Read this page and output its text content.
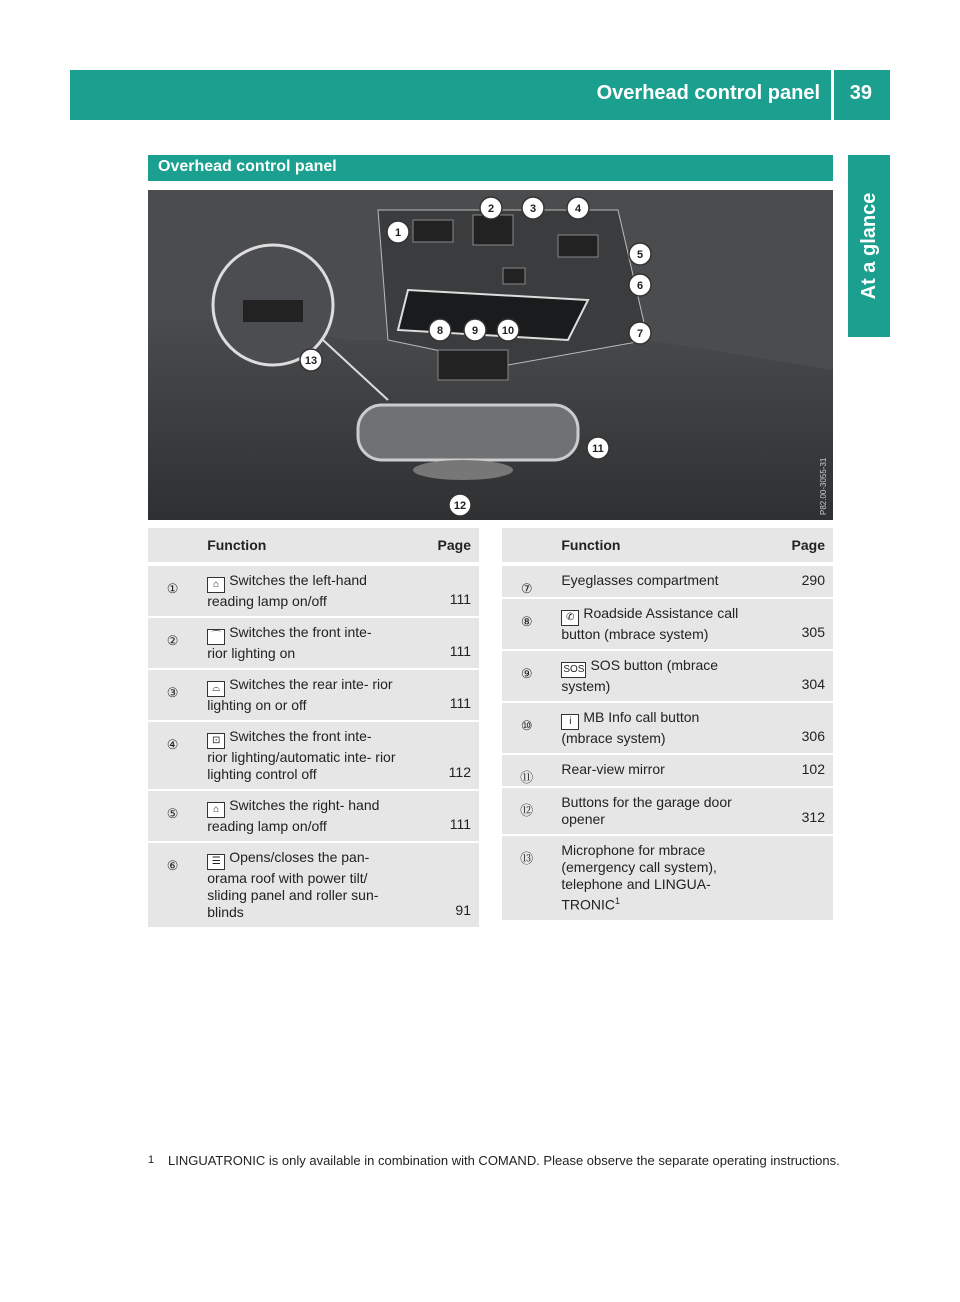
Overhead control panel 39
At a glance
Overhead control panel
1
2	3	4
5
6
7
8	9 10
11
12
13
P82.00-3055-31
	Function	Page
①	⌂ Switches the left-hand reading lamp on/off	111
②	⌒ Switches the front inte- rior lighting on	111
③	⌓ Switches the rear inte- rior lighting on or off	111
④	⊡ Switches the front inte- rior lighting/automatic inte- rior lighting control off	112
⑤	⌂ Switches the right- hand reading lamp on/off	111
⑥	☰ Opens/closes the pan- orama roof with power tilt/ sliding panel and roller sun- blinds	91
	Function	Page
⑦	Eyeglasses compartment	290
⑧	✆ Roadside Assistance call button (mbrace system)	305
⑨	SOS SOS button (mbrace system)	304
⑩	i MB Info call button (mbrace system)	306
⑪	Rear-view mirror	102
⑫	Buttons for the garage door opener	312
⑬	Microphone for mbrace (emergency call system), telephone and LINGUA- TRONIC$^1$	
1 LINGUATRONIC is only available in combination with COMAND. Please observe the separate operating instructions.
